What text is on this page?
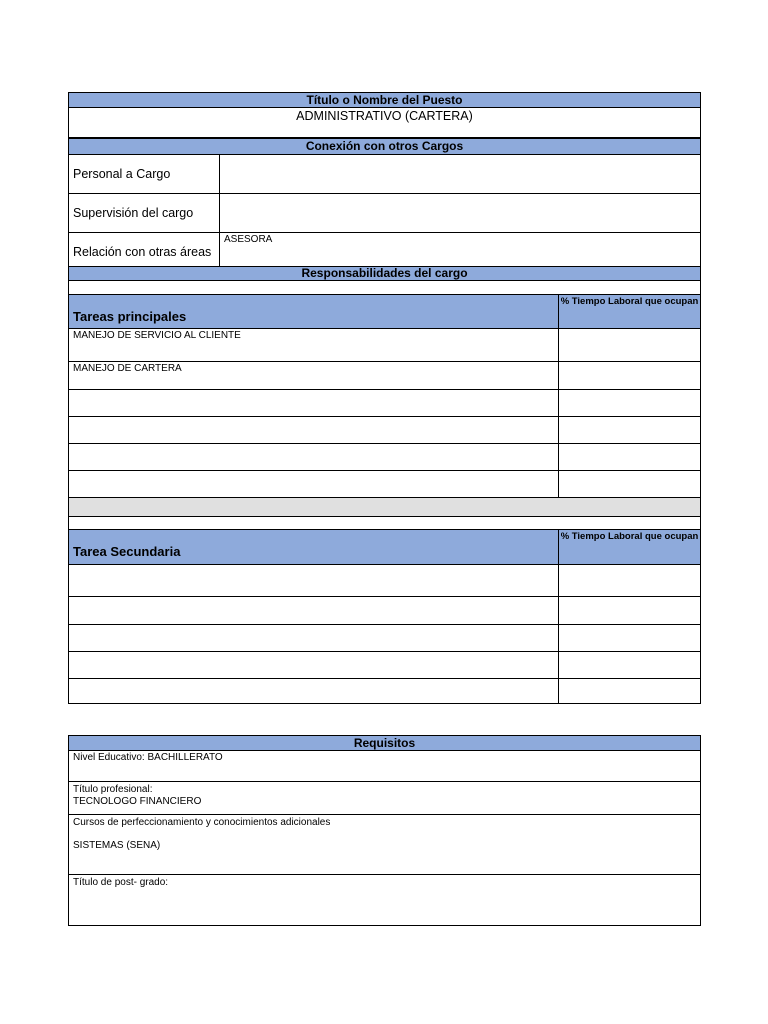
Título o Nombre del Puesto
ADMINISTRATIVO (CARTERA)
Conexión con otros Cargos
Personal a Cargo
Supervisión del cargo
Relación con otras áreas
ASESORA
Responsabilidades del cargo
Tareas principales
% Tiempo Laboral que ocupan
MANEJO DE SERVICIO AL CLIENTE
MANEJO DE CARTERA
Tarea Secundaria
% Tiempo Laboral que ocupan
Requisitos
Nivel Educativo: BACHILLERATO
Título profesional:
TECNOLOGO FINANCIERO
Cursos de perfeccionamiento y conocimientos adicionales
SISTEMAS (SENA)
Título de post- grado:
